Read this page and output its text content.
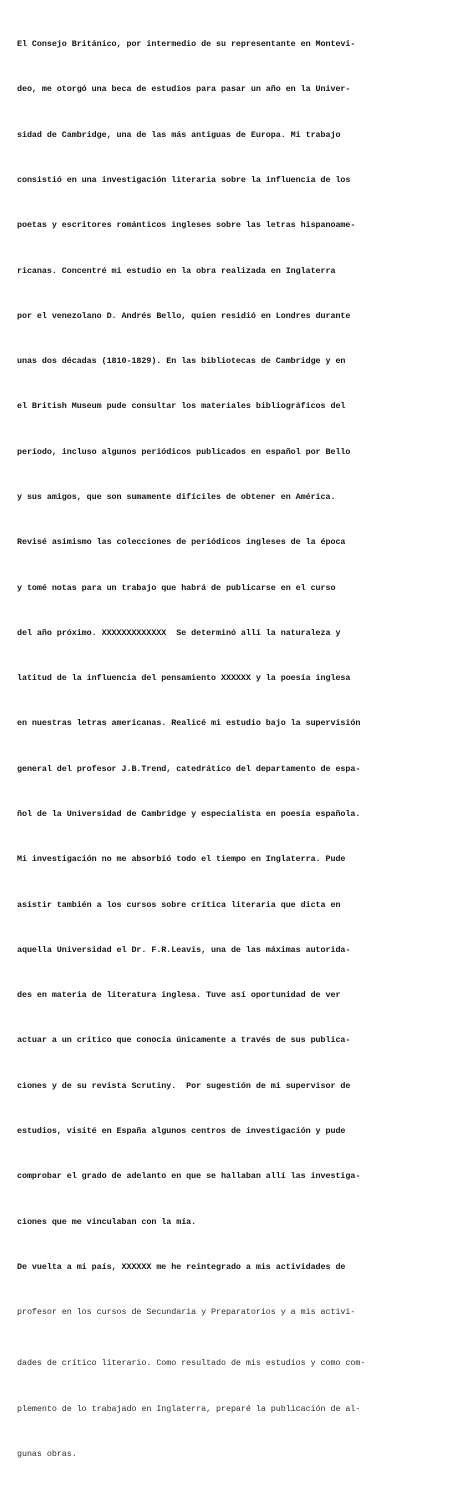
El Consejo Británico, por intermedio de su representante en Montevi-

deo, me otorgó una beca de estudios para pasar un año en la Univer-

sidad de Cambridge, una de las más antiguas de Europa. Mi trabajo

consistió en una investigación literaria sobre la influencia de los

poetas y escritores románticos ingleses sobre las letras hispanoame-

ricanas. Concentré mi estudio en la obra realizada en Inglaterra

por el venezolano D. Andrés Bello, quien residió en Londres durante

unas dos décadas (1810-1829). En las bibliotecas de Cambridge y en

el British Museum pude consultar los materiales bibliográficos del

período, incluso algunos periódicos publicados en español por Bello

y sus amigos, que son sumamente difíciles de obtener en América.

Revisé asimismo las colecciones de periódicos ingleses de la época

y tomé notas para un trabajo que habrá de publicarse en el curso

del año próximo. XXXXXXXXXXXXX  Se determinó allí la naturaleza y

latitud de la influencia del pensamiento XXXXXX y la poesía inglesa

en nuestras letras americanas. Realicé mi estudio bajo la supervisión

general del profesor J.B.Trend, catedrático del departamento de espa-

ñol de la Universidad de Cambridge y especialista en poesía española.

Mi investigación no me absorbió todo el tiempo en Inglaterra. Pude

asistir también a los cursos sobre crítica literaria que dicta en

aquella Universidad el Dr. F.R.Leavis, una de las máximas autorida-

des en materia de literatura inglesa. Tuve así oportunidad de ver

actuar a un crítico que conocía únicamente a través de sus publica-

ciones y de su revista Scrutiny.  Por sugestión de mi supervisor de

estudios, visité en España algunos centros de investigación y pude

comprobar el grado de adelanto en que se hallaban allí las investiga-

ciones que me vinculaban con la mía.

De vuelta a mi país, XXXXXX me he reintegrado a mis actividades de

profesor en los cursos de Secundaria y Preparatorios y a mis activi-

dades de crítico literario. Como resultado de mis estudios y como com-

plemento de lo trabajado en Inglaterra, preparé la publicación de al-

gunas obras.
